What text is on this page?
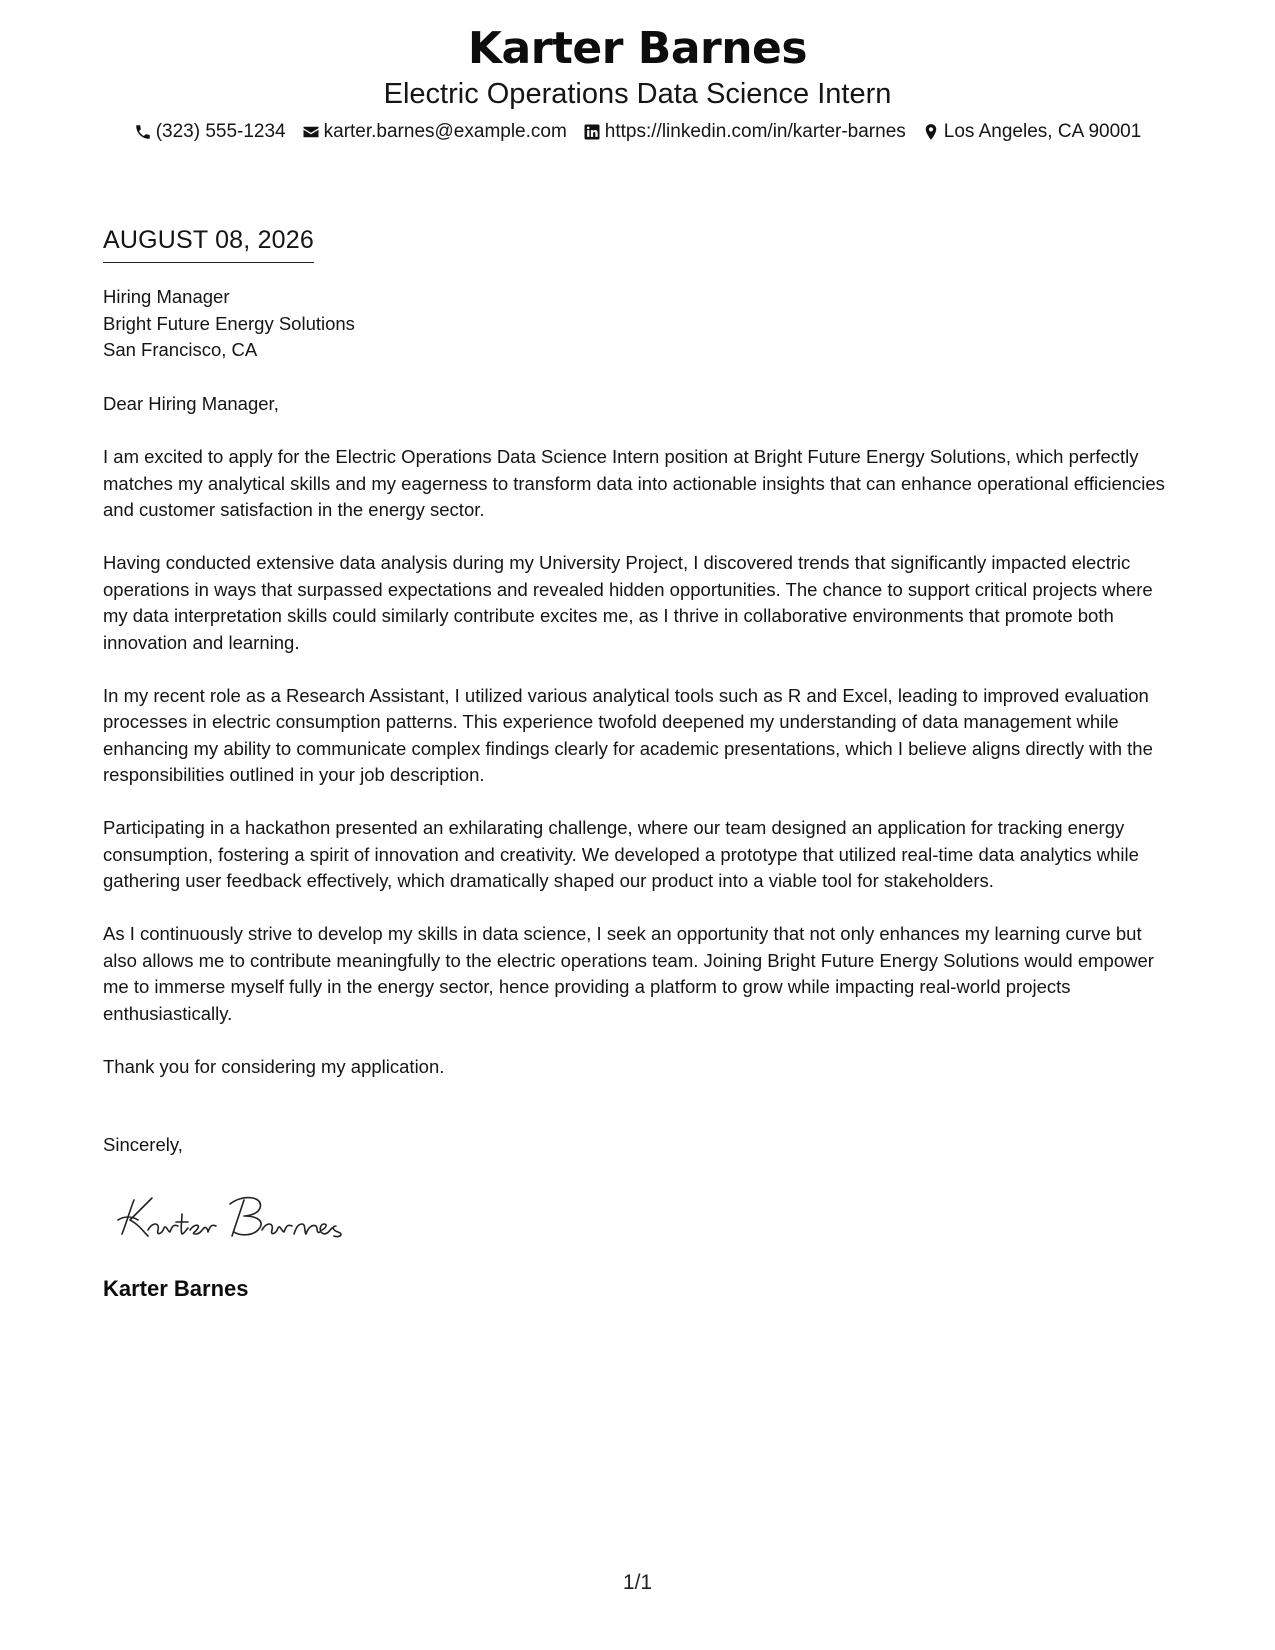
Karter Barnes
Electric Operations Data Science Intern
(323) 555-1234 karter.barnes@example.com https://linkedin.com/in/karter-barnes Los Angeles, CA 90001
AUGUST 08, 2026
Hiring Manager
Bright Future Energy Solutions
San Francisco, CA

Dear Hiring Manager,

I am excited to apply for the Electric Operations Data Science Intern position at Bright Future Energy Solutions, which perfectly matches my analytical skills and my eagerness to transform data into actionable insights that can enhance operational efficiencies and customer satisfaction in the energy sector.

Having conducted extensive data analysis during my University Project, I discovered trends that significantly impacted electric operations in ways that surpassed expectations and revealed hidden opportunities. The chance to support critical projects where my data interpretation skills could similarly contribute excites me, as I thrive in collaborative environments that promote both innovation and learning.

In my recent role as a Research Assistant, I utilized various analytical tools such as R and Excel, leading to improved evaluation processes in electric consumption patterns. This experience twofold deepened my understanding of data management while enhancing my ability to communicate complex findings clearly for academic presentations, which I believe aligns directly with the responsibilities outlined in your job description.

Participating in a hackathon presented an exhilarating challenge, where our team designed an application for tracking energy consumption, fostering a spirit of innovation and creativity. We developed a prototype that utilized real-time data analytics while gathering user feedback effectively, which dramatically shaped our product into a viable tool for stakeholders.

As I continuously strive to develop my skills in data science, I seek an opportunity that not only enhances my learning curve but also allows me to contribute meaningfully to the electric operations team. Joining Bright Future Energy Solutions would empower me to immerse myself fully in the energy sector, hence providing a platform to grow while impacting real-world projects enthusiastically.

Thank you for considering my application.

Sincerely,
Karter Barnes
1/1
